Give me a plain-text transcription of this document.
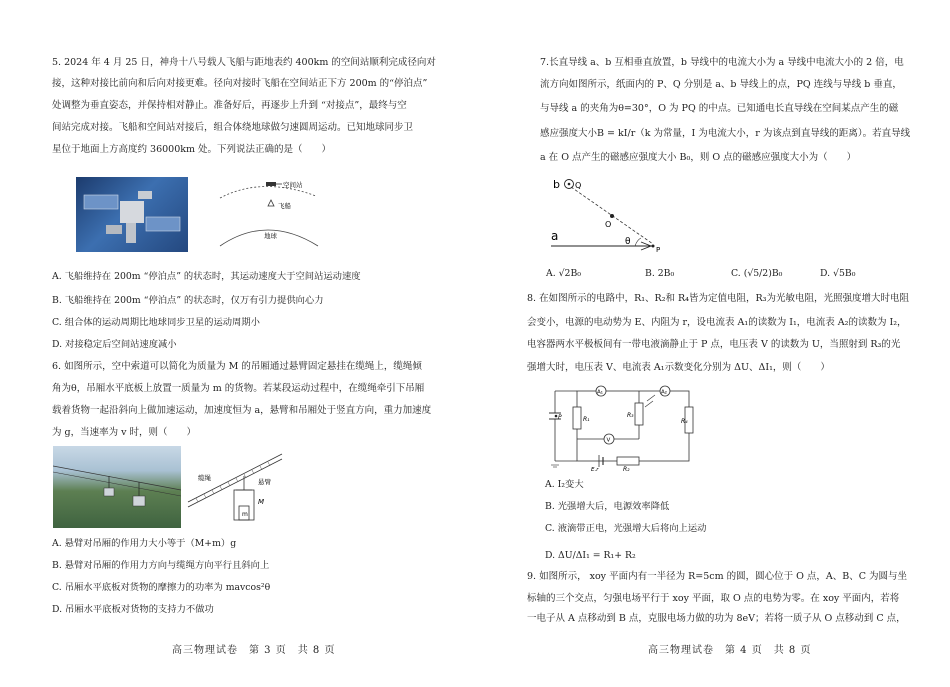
5. 2024 年 4 月 25 日，神舟十八号载人飞船与距地表约 400km 的空间站顺利完成径向对
接，这种对接比前向和后向对接更难。径向对接时飞船在空间站正下方 200m 的“停泊点”
处调整为垂直姿态，并保持相对静止。准备好后，再逐步上升到 “对接点”，最终与空
间站完成对接。飞船和空间站对接后，组合体绕地球做匀速圆周运动。已知地球同步卫
星位于地面上方高度约 36000km 处。下列说法正确的是（　　）
空间站
飞船
地球
A. 飞船维持在 200m “停泊点” 的状态时，其运动速度大于空间站运动速度
B. 飞船维持在 200m “停泊点” 的状态时，仅万有引力提供向心力
C. 组合体的运动周期比地球同步卫星的运动周期小
D. 对接稳定后空间站速度减小
6. 如图所示，空中索道可以简化为质量为 M 的吊厢通过悬臂固定悬挂在缆绳上，缆绳倾
角为θ，吊厢水平底板上放置一质量为 m 的货物。若某段运动过程中，在缆绳牵引下吊厢
载着货物一起沿斜向上做加速运动，加速度恒为 a，悬臂和吊厢处于竖直方向，重力加速度
为 g，当速率为 v 时，则（　　）
缆绳	悬臂
m
M
A. 悬臂对吊厢的作用力大小等于（M+m）g
B. 悬臂对吊厢的作用力方向与缆绳方向平行且斜向上
C. 吊厢水平底板对货物的摩擦力的功率为 mavcos²θ
D. 吊厢水平底板对货物的支持力不做功
高三物理试卷　第 3 页　共 8 页
7.长直导线 a、b 互相垂直放置，b 导线中的电流大小为 a 导线中电流大小的 2 倍，电
流方向如图所示，纸面内的 P、Q 分别是 a、b 导线上的点，PQ 连线与导线 b 垂直，
与导线 a 的夹角为θ=30°，O 为 PQ 的中点。已知通电长直导线在空间某点产生的磁
感应强度大小B = kI/r（k 为常量，I 为电流大小，r 为该点到直导线的距离）。若直导线
a 在 O 点产生的磁感应强度大小 B₀，则 O 点的磁感应强度大小为（　　）
b Q
O
a	θ
P
A. √2B₀	B. 2B₀	C. (√5/2)B₀	D. √5B₀
8. 在如图所示的电路中，R₁、R₂和 R₄皆为定值电阻，R₃为光敏电阻，光照强度增大时电阻
会变小，电源的电动势为 E、内阻为 r，设电流表 A₁的读数为 I₁，电流表 A₂的读数为 I₂，
电容器两水平极板间有一带电液滴静止于 P 点，电压表 V 的读数为 U，当照射到 R₃的光
强增大时，电压表 V、电流表 A₁示数变化分别为 ΔU、ΔI₁，则（　　）
P	R₁
A₁	A₂
R₃
R₄
V
E,r	R₂
A. I₂变大
B. 光强增大后，电源效率降低
C. 液滴带正电，光强增大后将向上运动
D. ΔU/ΔI₁ = R₁+ R₂
9. 如图所示， xoy 平面内有一半径为 R=5cm 的圆，圆心位于 O 点，A、B、C 为圆与坐
标轴的三个交点，匀强电场平行于 xoy 平面，取 O 点的电势为零。在 xoy 平面内，若将
一电子从 A 点移动到 B 点，克服电场力做的功为 8eV；若将一质子从 O 点移动到 C 点，
高三物理试卷　第 4 页　共 8 页
